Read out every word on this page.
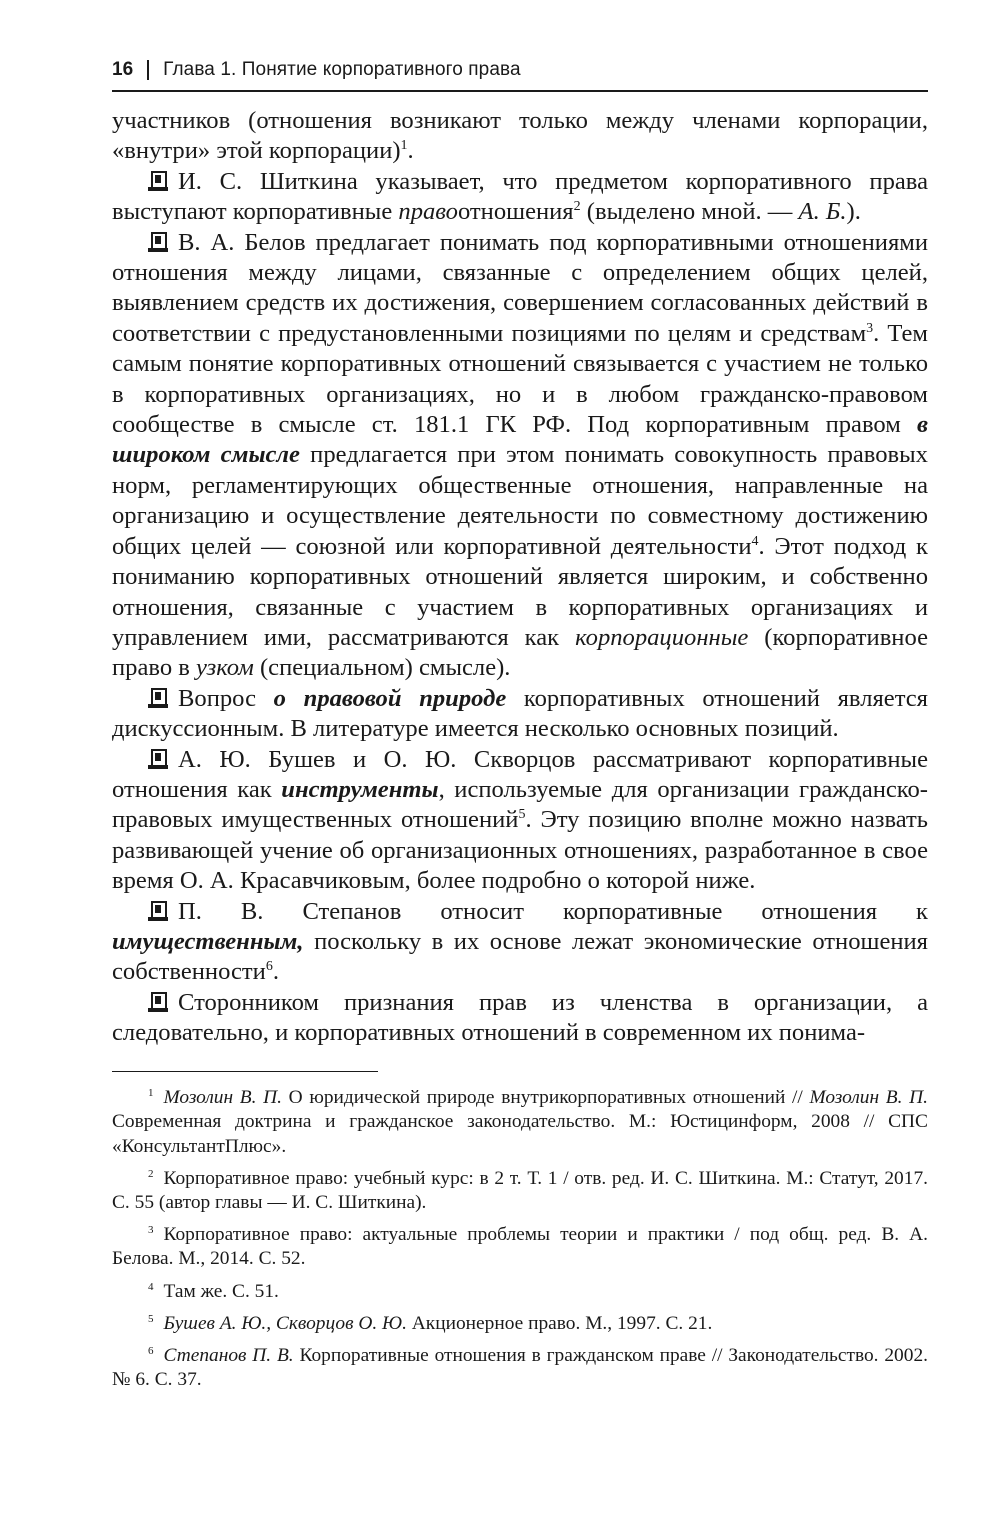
16 Глава 1. Понятие корпоративного права

участников (отношения возникают только между членами корпорации, «внутри» этой корпорации)$^1$.

И. С. Шиткина указывает, что предметом корпоративного права выступают корпоративные правоотношения$^2$ (выделено мной. — А. Б.).

В. А. Белов предлагает понимать под корпоративными отношениями отношения между лицами, связанные с определением общих целей, выявлением средств их достижения, совершением согласованных действий в соответствии с предустановленными позициями по целям и средствам$^3$. Тем самым понятие корпоративных отношений связывается с участием не только в корпоративных организациях, но и в любом гражданско-правовом сообществе в смысле ст. 181.1 ГК РФ. Под корпоративным правом в широком смысле предлагается при этом понимать совокупность правовых норм, регламентирующих общественные отношения, направленные на организацию и осуществление деятельности по совместному достижению общих целей — союзной или корпоративной деятельности$^4$. Этот подход к пониманию корпоративных отношений является широким, и собственно отношения, связанные с участием в корпоративных организациях и управлением ими, рассматриваются как корпорационные (корпоративное право в узком (специальном) смысле).

Вопрос о правовой природе корпоративных отношений является дискуссионным. В литературе имеется несколько основных позиций.

А. Ю. Бушев и О. Ю. Скворцов рассматривают корпоративные отношения как инструменты, используемые для организации гражданско-правовых имущественных отношений$^5$. Эту позицию вполне можно назвать развивающей учение об организационных отношениях, разработанное в свое время О. А. Красавчиковым, более подробно о которой ниже.

П. В. Степанов относит корпоративные отношения к имущественным, поскольку в их основе лежат экономические отношения собственности$^6$.

Сторонником признания прав из членства в организации, а следовательно, и корпоративных отношений в современном их понима-

$^1$ Мозолин В. П. О юридической природе внутрикорпоративных отношений // Мозолин В. П. Современная доктрина и гражданское законодательство. М.: Юстицинформ, 2008 // СПС «КонсультантПлюс».

$^2$ Корпоративное право: учебный курс: в 2 т. Т. 1 / отв. ред. И. С. Шиткина. М.: Статут, 2017. С. 55 (автор главы — И. С. Шиткина).

$^3$ Корпоративное право: актуальные проблемы теории и практики / под общ. ред. В. А. Белова. М., 2014. С. 52.

$^4$ Там же. С. 51.

$^5$ Бушев А. Ю., Скворцов О. Ю. Акционерное право. М., 1997. С. 21.

$^6$ Степанов П. В. Корпоративные отношения в гражданском праве // Законодательство. 2002. № 6. С. 37.
